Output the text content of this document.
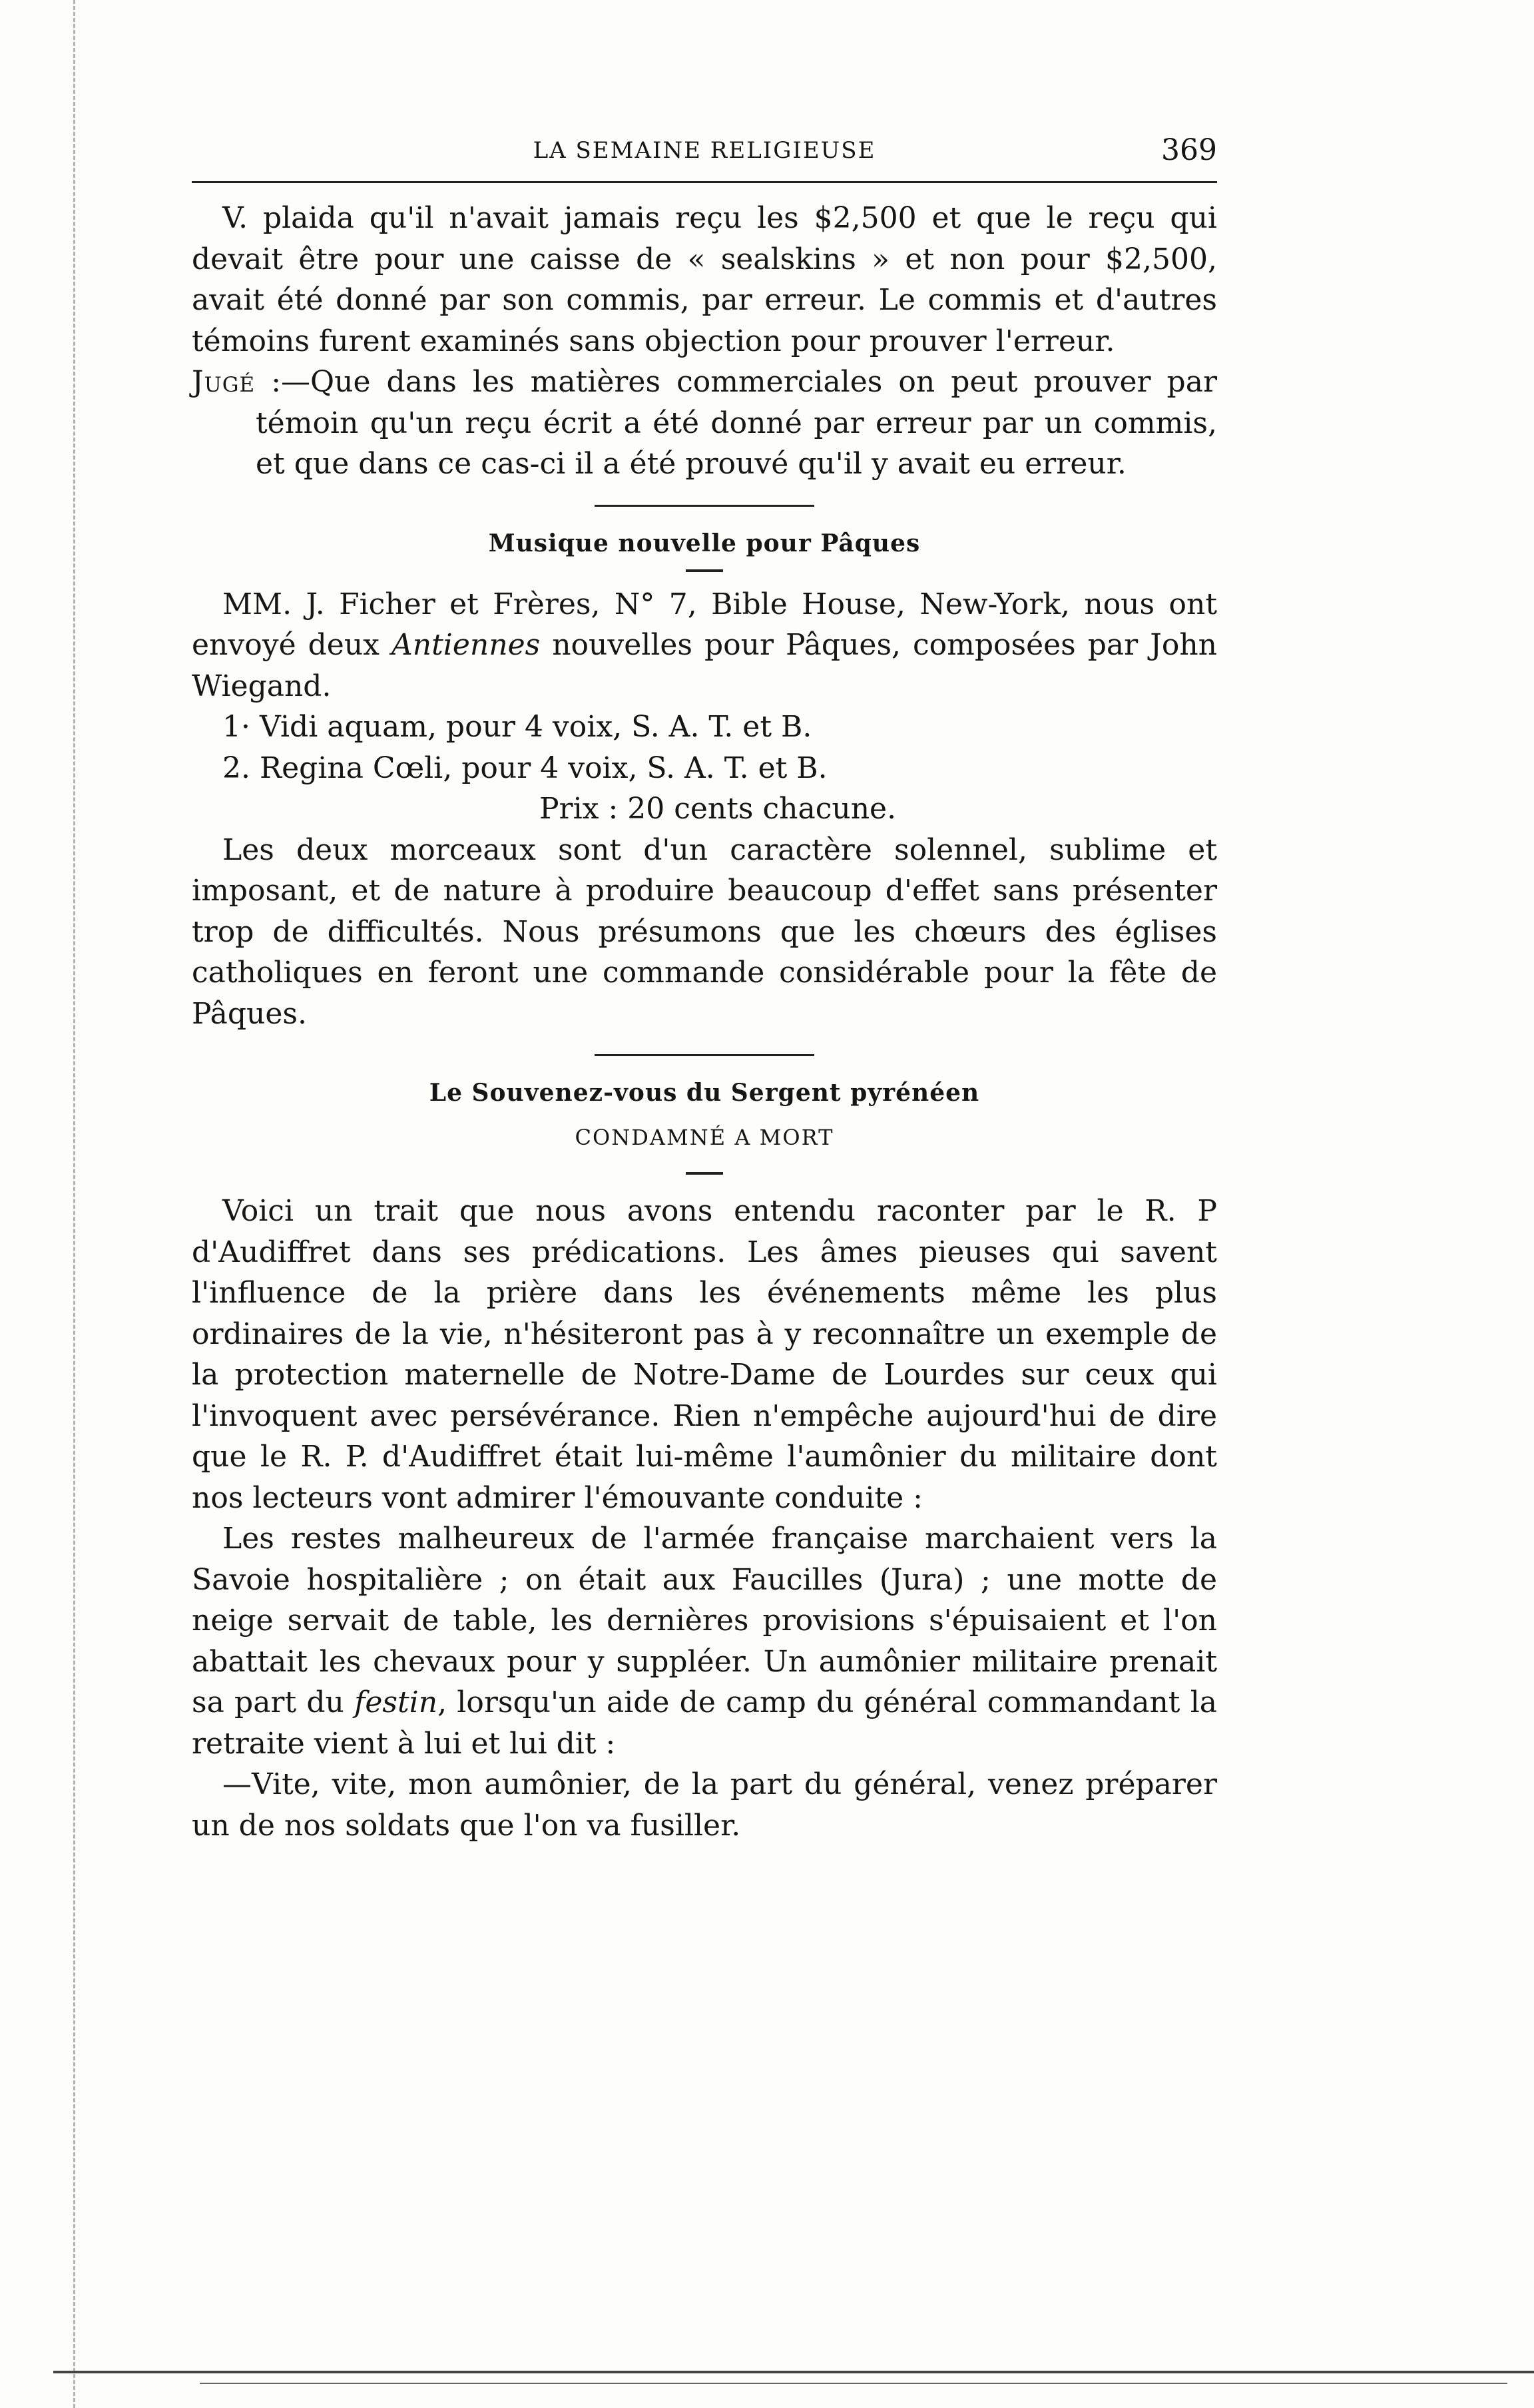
LA SEMAINE RELIGIEUSE	369

V. plaida qu'il n'avait jamais reçu les $2,500 et que le reçu qui devait être pour une caisse de « sealskins » et non pour $2,500, avait été donné par son commis, par erreur. Le commis et d'autres témoins furent examinés sans objection pour prouver l'erreur.

Jugé :—Que dans les matières commerciales on peut prouver par témoin qu'un reçu écrit a été donné par erreur par un commis, et que dans ce cas-ci il a été prouvé qu'il y avait eu erreur.

Musique nouvelle pour Pâques

MM. J. Ficher et Frères, N° 7, Bible House, New-York, nous ont envoyé deux Antiennes nouvelles pour Pâques, composées par John Wiegand.

1· Vidi aquam, pour 4 voix, S. A. T. et B.

2. Regina Cœli, pour 4 voix, S. A. T. et B.

Prix : 20 cents chacune.

Les deux morceaux sont d'un caractère solennel, sublime et imposant, et de nature à produire beaucoup d'effet sans présenter trop de difficultés. Nous présumons que les chœurs des églises catholiques en feront une commande considérable pour la fête de Pâques.

Le Souvenez-vous du Sergent pyrénéen
CONDAMNÉ A MORT

Voici un trait que nous avons entendu raconter par le R. P d'Audiffret dans ses prédications. Les âmes pieuses qui savent l'influence de la prière dans les événements même les plus ordinaires de la vie, n'hésiteront pas à y reconnaître un exemple de la protection maternelle de Notre-Dame de Lourdes sur ceux qui l'invoquent avec persévérance. Rien n'empêche aujourd'hui de dire que le R. P. d'Audiffret était lui-même l'aumônier du militaire dont nos lecteurs vont admirer l'émouvante conduite :

Les restes malheureux de l'armée française marchaient vers la Savoie hospitalière ; on était aux Faucilles (Jura) ; une motte de neige servait de table, les dernières provisions s'épuisaient et l'on abattait les chevaux pour y suppléer. Un aumônier militaire prenait sa part du festin, lorsqu'un aide de camp du général commandant la retraite vient à lui et lui dit :

—Vite, vite, mon aumônier, de la part du général, venez préparer un de nos soldats que l'on va fusiller.
